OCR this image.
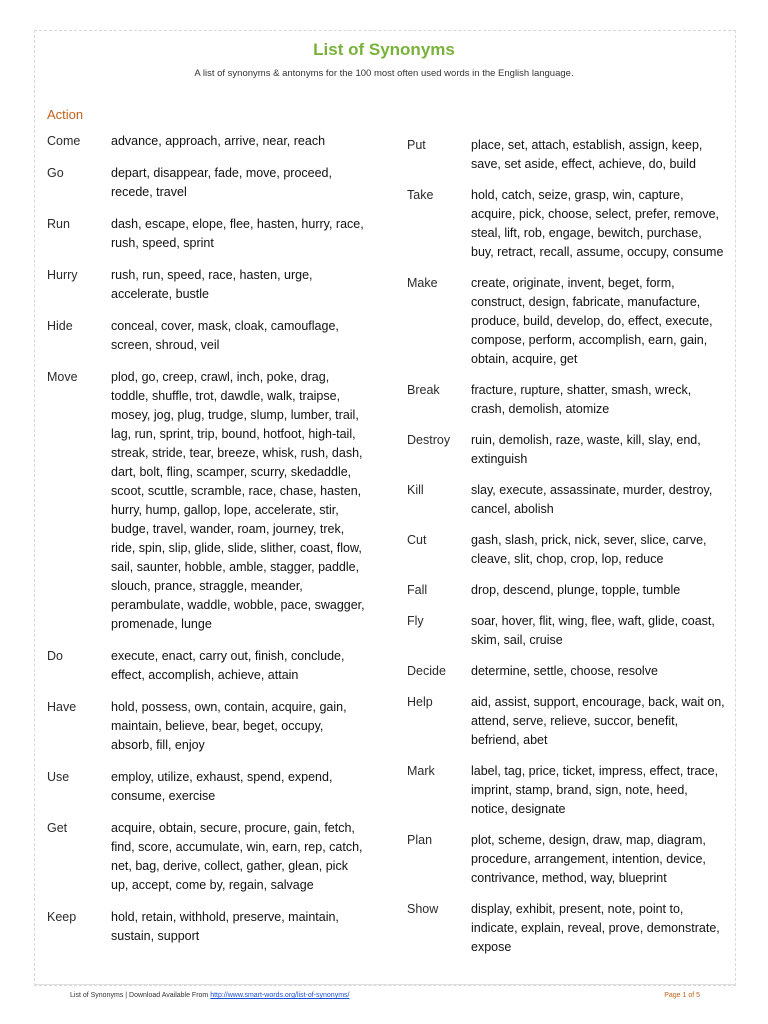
List of Synonyms
A list of synonyms & antonyms for the 100 most often used words in the English language.
Action
Come	advance, approach, arrive, near, reach
Go	depart, disappear, fade, move, proceed, recede, travel
Run	dash, escape, elope, flee, hasten, hurry, race, rush, speed, sprint
Hurry	rush, run, speed, race, hasten, urge, accelerate, bustle
Hide	conceal, cover, mask, cloak, camouflage, screen, shroud, veil
Move	plod, go, creep, crawl, inch, poke, drag, toddle, shuffle, trot, dawdle, walk, traipse, mosey, jog, plug, trudge, slump, lumber, trail, lag, run, sprint, trip, bound, hotfoot, high-tail, streak, stride, tear, breeze, whisk, rush, dash, dart, bolt, fling, scamper, scurry, skedaddle, scoot, scuttle, scramble, race, chase, hasten, hurry, hump, gallop, lope, accelerate, stir, budge, travel, wander, roam, journey, trek, ride, spin, slip, glide, slide, slither, coast, flow, sail, saunter, hobble, amble, stagger, paddle, slouch, prance, straggle, meander, perambulate, waddle, wobble, pace, swagger, promenade, lunge
Do	execute, enact, carry out, finish, conclude, effect, accomplish, achieve, attain
Have	hold, possess, own, contain, acquire, gain, maintain, believe, bear, beget, occupy, absorb, fill, enjoy
Use	employ, utilize, exhaust, spend, expend, consume, exercise
Get	acquire, obtain, secure, procure, gain, fetch, find, score, accumulate, win, earn, rep, catch, net, bag, derive, collect, gather, glean, pick up, accept, come by, regain, salvage
Keep	hold, retain, withhold, preserve, maintain, sustain, support
Put	place, set, attach, establish, assign, keep, save, set aside, effect, achieve, do, build
Take	hold, catch, seize, grasp, win, capture, acquire, pick, choose, select, prefer, remove, steal, lift, rob, engage, bewitch, purchase, buy, retract, recall, assume, occupy, consume
Make	create, originate, invent, beget, form, construct, design, fabricate, manufacture, produce, build, develop, do, effect, execute, compose, perform, accomplish, earn, gain, obtain, acquire, get
Break	fracture, rupture, shatter, smash, wreck, crash, demolish, atomize
Destroy	ruin, demolish, raze, waste, kill, slay, end, extinguish
Kill	slay, execute, assassinate, murder, destroy, cancel, abolish
Cut	gash, slash, prick, nick, sever, slice, carve, cleave, slit, chop, crop, lop, reduce
Fall	drop, descend, plunge, topple, tumble
Fly	soar, hover, flit, wing, flee, waft, glide, coast, skim, sail, cruise
Decide	determine, settle, choose, resolve
Help	aid, assist, support, encourage, back, wait on, attend, serve, relieve, succor, benefit, befriend, abet
Mark	label, tag, price, ticket, impress, effect, trace, imprint, stamp, brand, sign, note, heed, notice, designate
Plan	plot, scheme, design, draw, map, diagram, procedure, arrangement, intention, device, contrivance, method, way, blueprint
Show	display, exhibit, present, note, point to, indicate, explain, reveal, prove, demonstrate, expose
List of Synonyms | Download Available From http://www.smart-words.org/list-of-synonyms/	Page 1 of 5
